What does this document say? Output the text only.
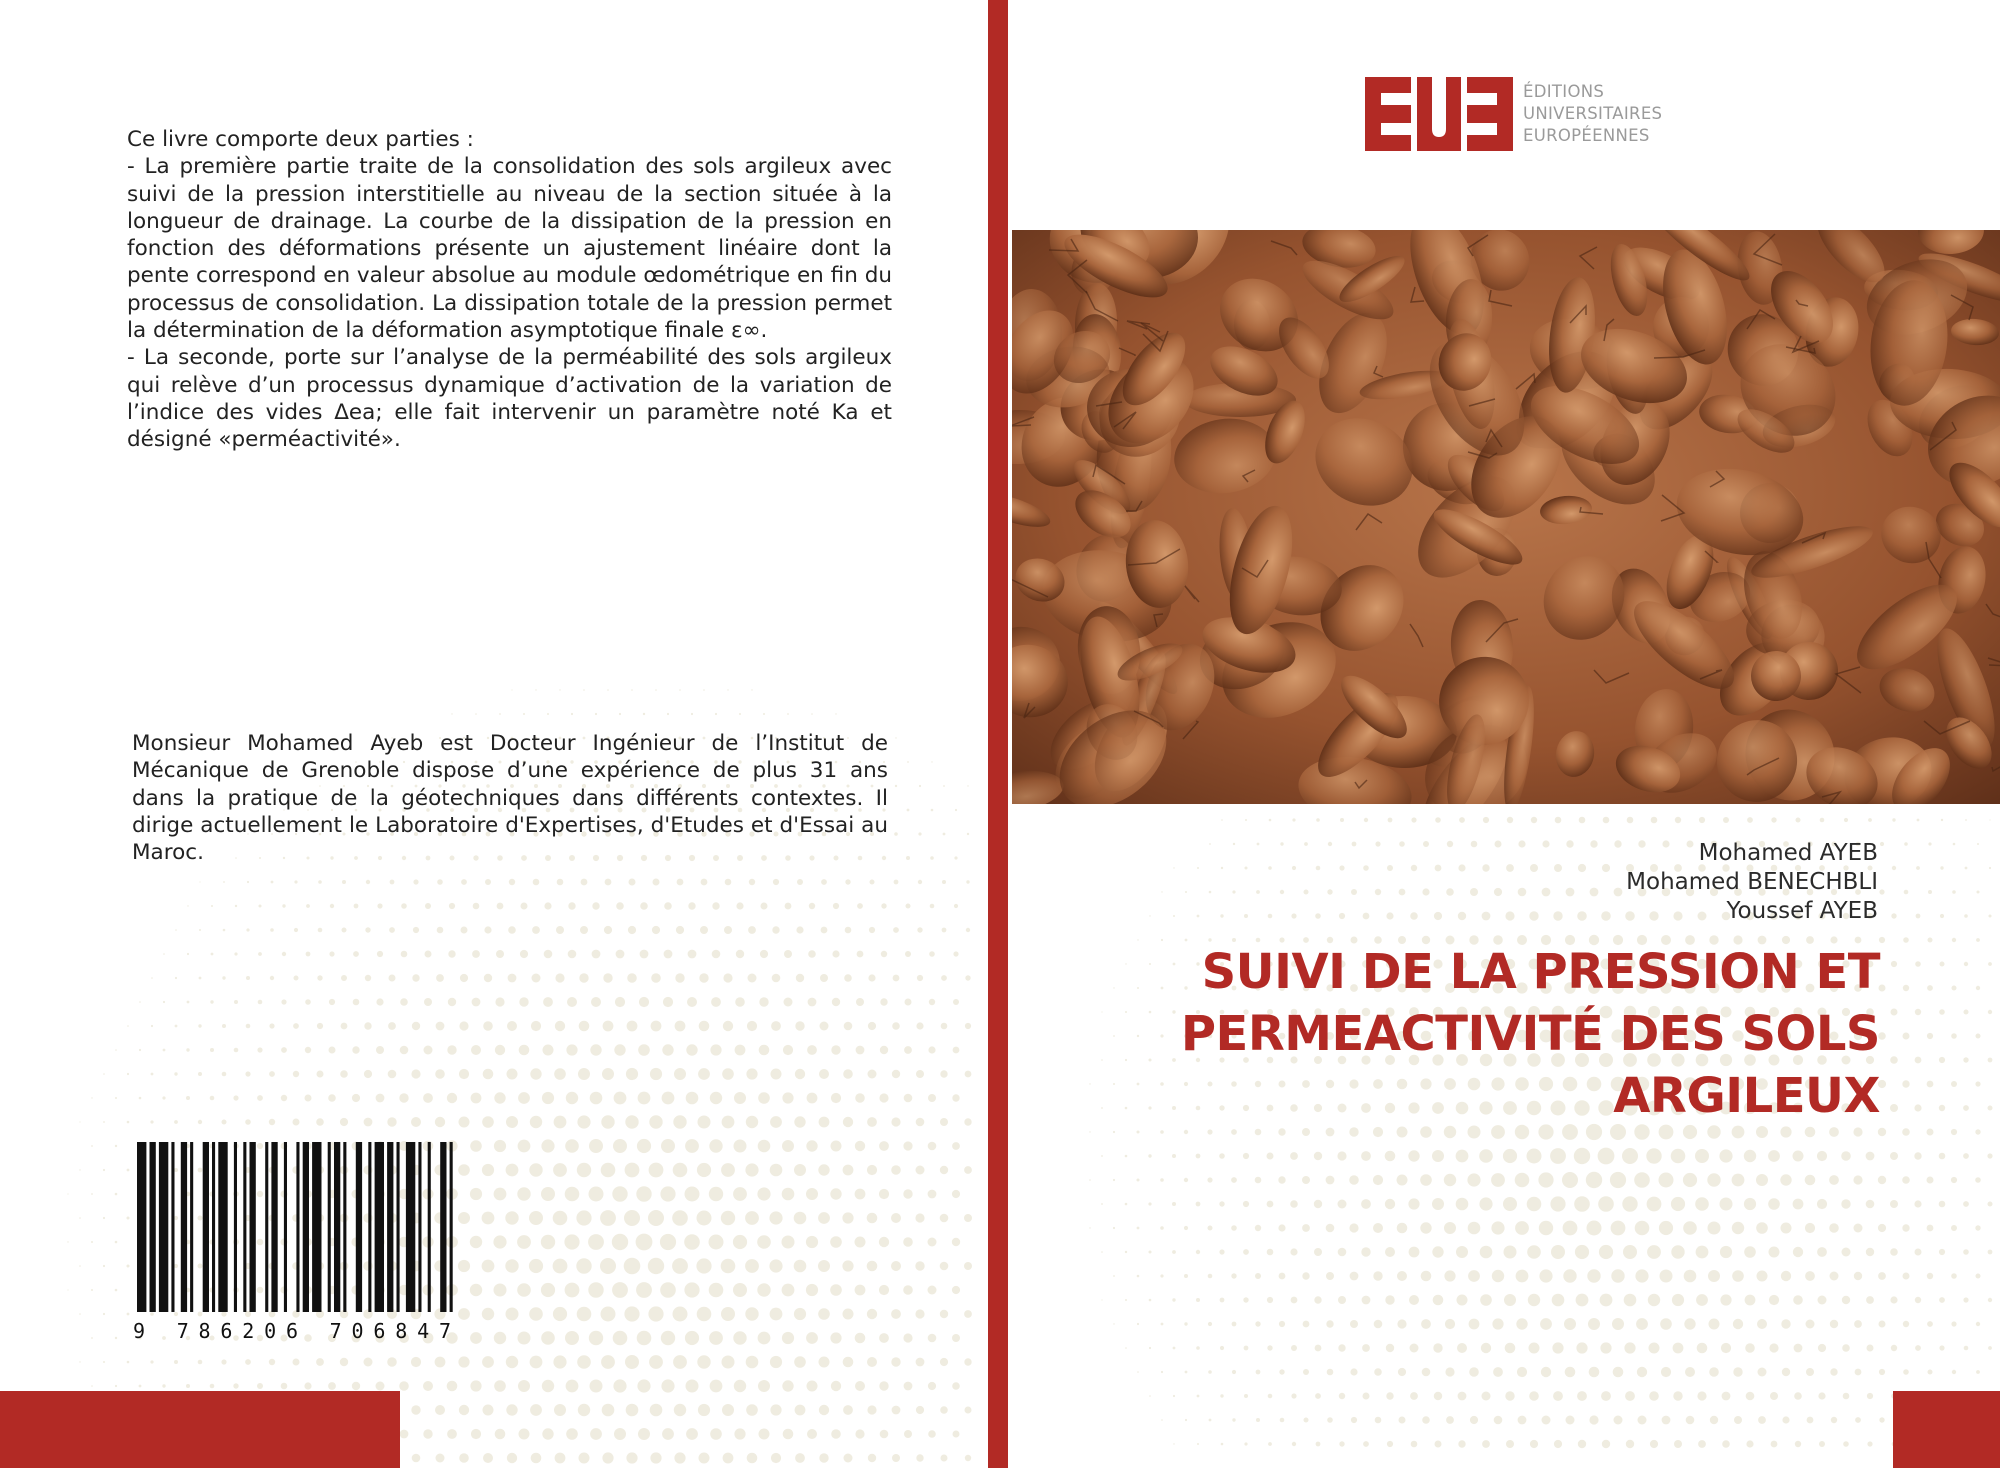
Ce livre comporte deux parties :

- La première partie traite de la consolidation des sols argileux avec suivi de la pression interstitielle au niveau de la section située à la longueur de drainage. La courbe de la dissipation de la pression en fonction des déformations présente un ajustement linéaire dont la pente correspond en valeur absolue au module œdométrique en fin du processus de consolidation. La dissipation totale de la pression permet la détermination de la déformation asymptotique finale ε∞.

- La seconde, porte sur l’analyse de la perméabilité des sols argileux qui relève d’un processus dynamique d’activation de la variation de l’indice des vides Δea; elle fait intervenir un paramètre noté Ka et désigné «perméactivité».

Monsieur Mohamed Ayeb est Docteur Ingénieur de l’Institut de Mécanique de Grenoble dispose d’une expérience de plus 31 ans dans la pratique de la géotechniques dans différents contextes. Il dirige actuellement le Laboratoire d'Expertises, d'Etudes et d'Essai au Maroc.

9 786206 706847
ÉDITIONS
UNIVERSITAIRES
EUROPÉENNES
Mohamed AYEB
Mohamed BENECHBLI
Youssef AYEB
SUIVI DE LA PRESSION ET
PERMEACTIVITÉ DES SOLS
ARGILEUX
